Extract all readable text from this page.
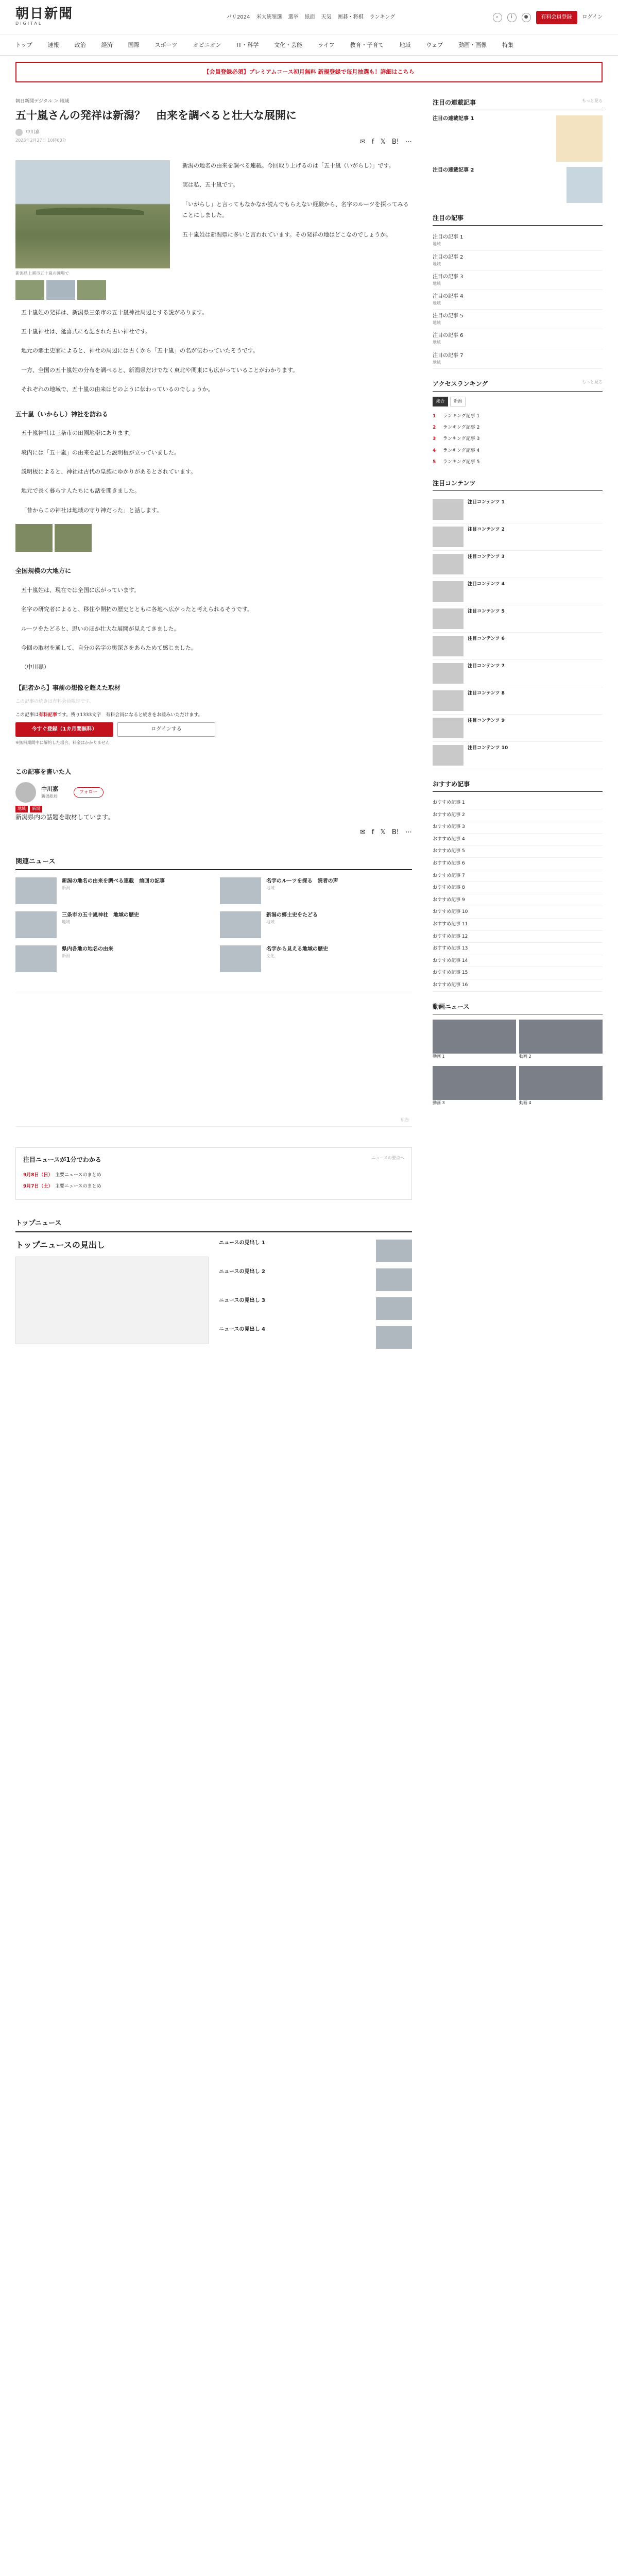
朝日新聞
DIGITAL
パリ2024 米大統領選 選挙 紙面 天気 囲碁・将棋 ランキング	⌕	i	●	有料会員登録	ログイン
トップ	速報	政治	経済	国際	スポーツ	オピニオン	IT・科学	文化・芸能	ライフ	教育・子育て	地域	ウェブ	動画・画像	特集
【会員登録必須】プレミアムコース初月無料 新規登録で毎月抽選も！詳細はこちら
朝日新聞デジタル ＞ 地域
五十嵐さんの発祥は新潟？　由来を調べると壮大な展開に
中川嘉
2023年2月27日 10時00分	✉ f 𝕏 B! ⋯
新潟県上越市五十嵐の圃場で

新潟の地名の由来を調べる連載。今回取り上げるのは「五十嵐（いがらし）」です。

実は私、五十嵐です。

「いがらし」と言ってもなかなか読んでもらえない経験から、名字のルーツを探ってみることにしました。

五十嵐姓は新潟県に多いと言われています。その発祥の地はどこなのでしょうか。

五十嵐姓の発祥は、新潟県三条市の五十嵐神社周辺とする説があります。

五十嵐神社は、延喜式にも記された古い神社です。

地元の郷土史家によると、神社の周辺には古くから「五十嵐」の名が伝わっていたそうです。

一方、全国の五十嵐姓の分布を調べると、新潟県だけでなく東北や関東にも広がっていることがわかります。

それぞれの地域で、五十嵐の由来はどのように伝わっているのでしょうか。

五十嵐（いからし）神社を訪ねる

五十嵐神社は三条市の田園地帯にあります。

境内には「五十嵐」の由来を記した説明板が立っていました。

説明板によると、神社は古代の皇族にゆかりがあるとされています。

地元で長く暮らす人たちにも話を聞きました。

「昔からこの神社は地域の守り神だった」と話します。

全国規模の大地方に

五十嵐姓は、現在では全国に広がっています。

名字の研究者によると、移住や開拓の歴史とともに各地へ広がったと考えられるそうです。

ルーツをたどると、思いのほか壮大な展開が見えてきました。

今回の取材を通して、自分の名字の奥深さをあらためて感じました。

（中川嘉）

【記者から】事前の想像を超えた取材
この記事の続きは有料会員限定です。
この記事は有料記事です。残り1333文字　有料会員になると続きをお読みいただけます。
今すぐ登録（1カ月間無料）	ログインする
※無料期間中に解約した場合、料金はかかりません
この記事を書いた人
中川嘉
新潟総局
フォロー
地域	新潟
新潟県内の話題を取材しています。
✉ f 𝕏 B! ⋯
関連ニュース
新潟の地名の由来を調べる連載　前回の記事
新潟
名字のルーツを探る　読者の声
地域
三条市の五十嵐神社　地域の歴史
地域
新潟の郷土史をたどる
地域
県内各地の地名の由来
新潟
名字から見える地域の歴史
文化
広告
注目ニュースが1分でわかる	ニュースの要点へ
9月8日（日）　主要ニュースのまとめ
9月7日（土）　主要ニュースのまとめ
トップニュース
トップニュースの見出し	ニュースの見出し 1
ニュースの見出し 2
ニュースの見出し 3
ニュースの見出し 4
注目の連載記事	もっと見る
注目の連載記事 1
注目の連載記事 2
注目の記事
注目の記事 1
地域
注目の記事 2
地域
注目の記事 3
地域
注目の記事 4
地域
注目の記事 5
地域
注目の記事 6
地域
注目の記事 7
地域
アクセスランキング	もっと見る
総合	新潟
1	ランキング記事 1
2	ランキング記事 2
3	ランキング記事 3
4	ランキング記事 4
5	ランキング記事 5
注目コンテンツ
注目コンテンツ 1
注目コンテンツ 2
注目コンテンツ 3
注目コンテンツ 4
注目コンテンツ 5
注目コンテンツ 6
注目コンテンツ 7
注目コンテンツ 8
注目コンテンツ 9
注目コンテンツ 10
おすすめ記事
おすすめ記事 1
おすすめ記事 2
おすすめ記事 3
おすすめ記事 4
おすすめ記事 5
おすすめ記事 6
おすすめ記事 7
おすすめ記事 8
おすすめ記事 9
おすすめ記事 10
おすすめ記事 11
おすすめ記事 12
おすすめ記事 13
おすすめ記事 14
おすすめ記事 15
おすすめ記事 16
動画ニュース
動画 1	動画 2
動画 3	動画 4
